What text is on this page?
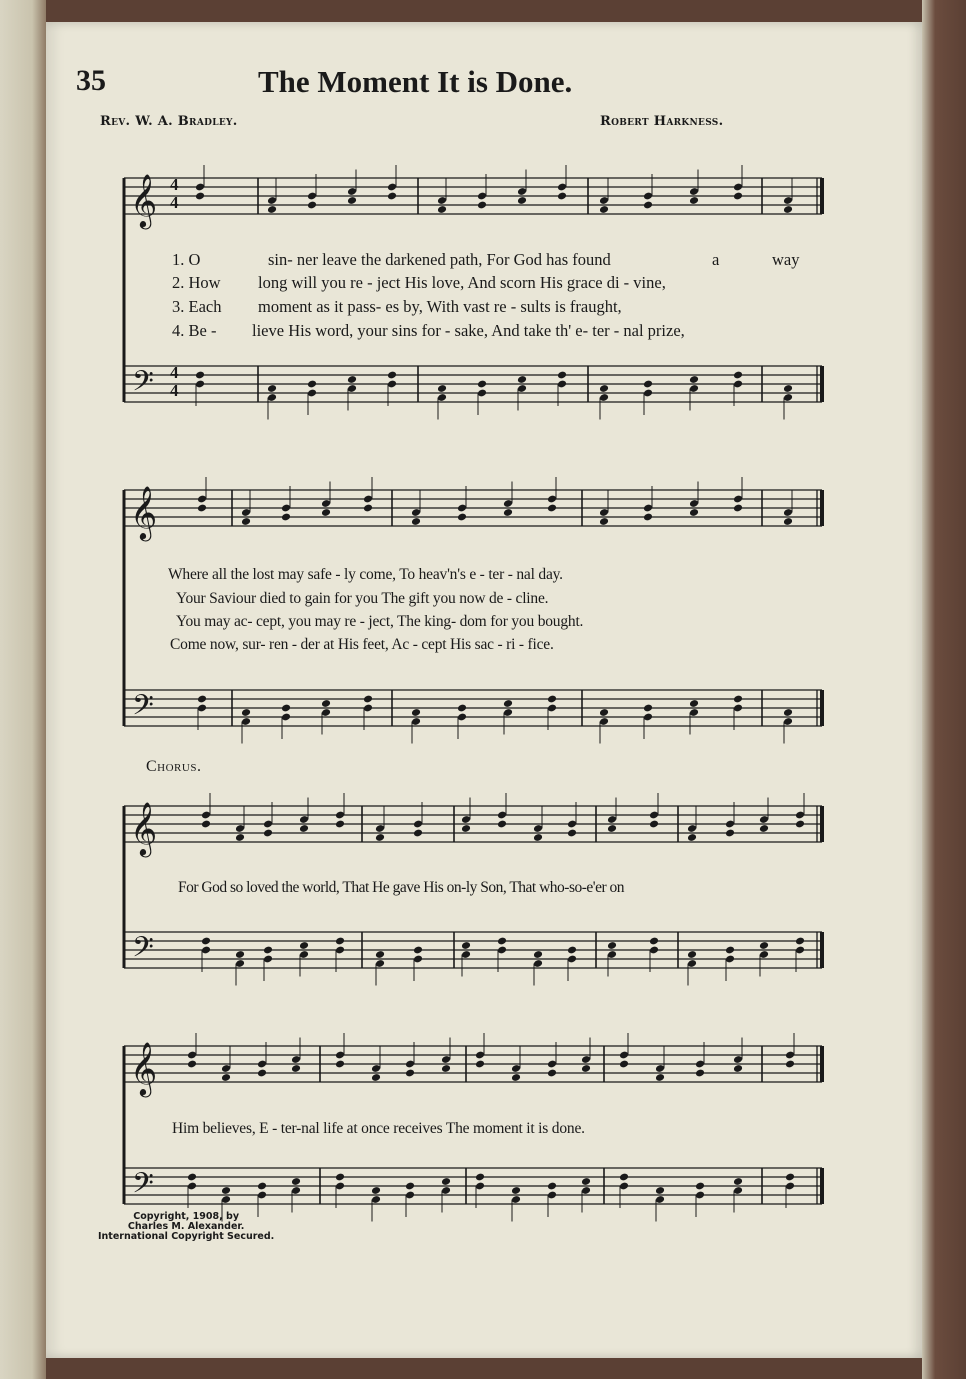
𝄞
𝄢
𝄞
𝄢
𝄞
𝄢
𝄞
𝄢
4
4
4
4
35	The Moment It is Done.
Rev. W. A. Bradley.	Robert Harkness.
1. O	sin- ner leave the darkened path, For God has found	a	way
2. How long will you re - ject His love, And scorn His grace di - vine,
3. Each moment as it pass- es by, With vast re - sults is fraught,
4. Be - lieve His word, your sins for - sake, And take th' e- ter - nal prize,
Where all the lost may safe - ly come, To heav'n's e - ter - nal day.
Your Saviour died to gain for you The gift you now de - cline.
You may ac- cept, you may re - ject, The king- dom for you bought.
Come now, sur- ren - der at His feet, Ac - cept His sac - ri - fice.
Chorus.
For God so loved the world, That He gave His on-ly Son, That who-so-e'er on
Him believes, E - ter-nal life at once receives The moment it is done.
Copyright, 1908, by
Charles M. Alexander.
International Copyright Secured.
